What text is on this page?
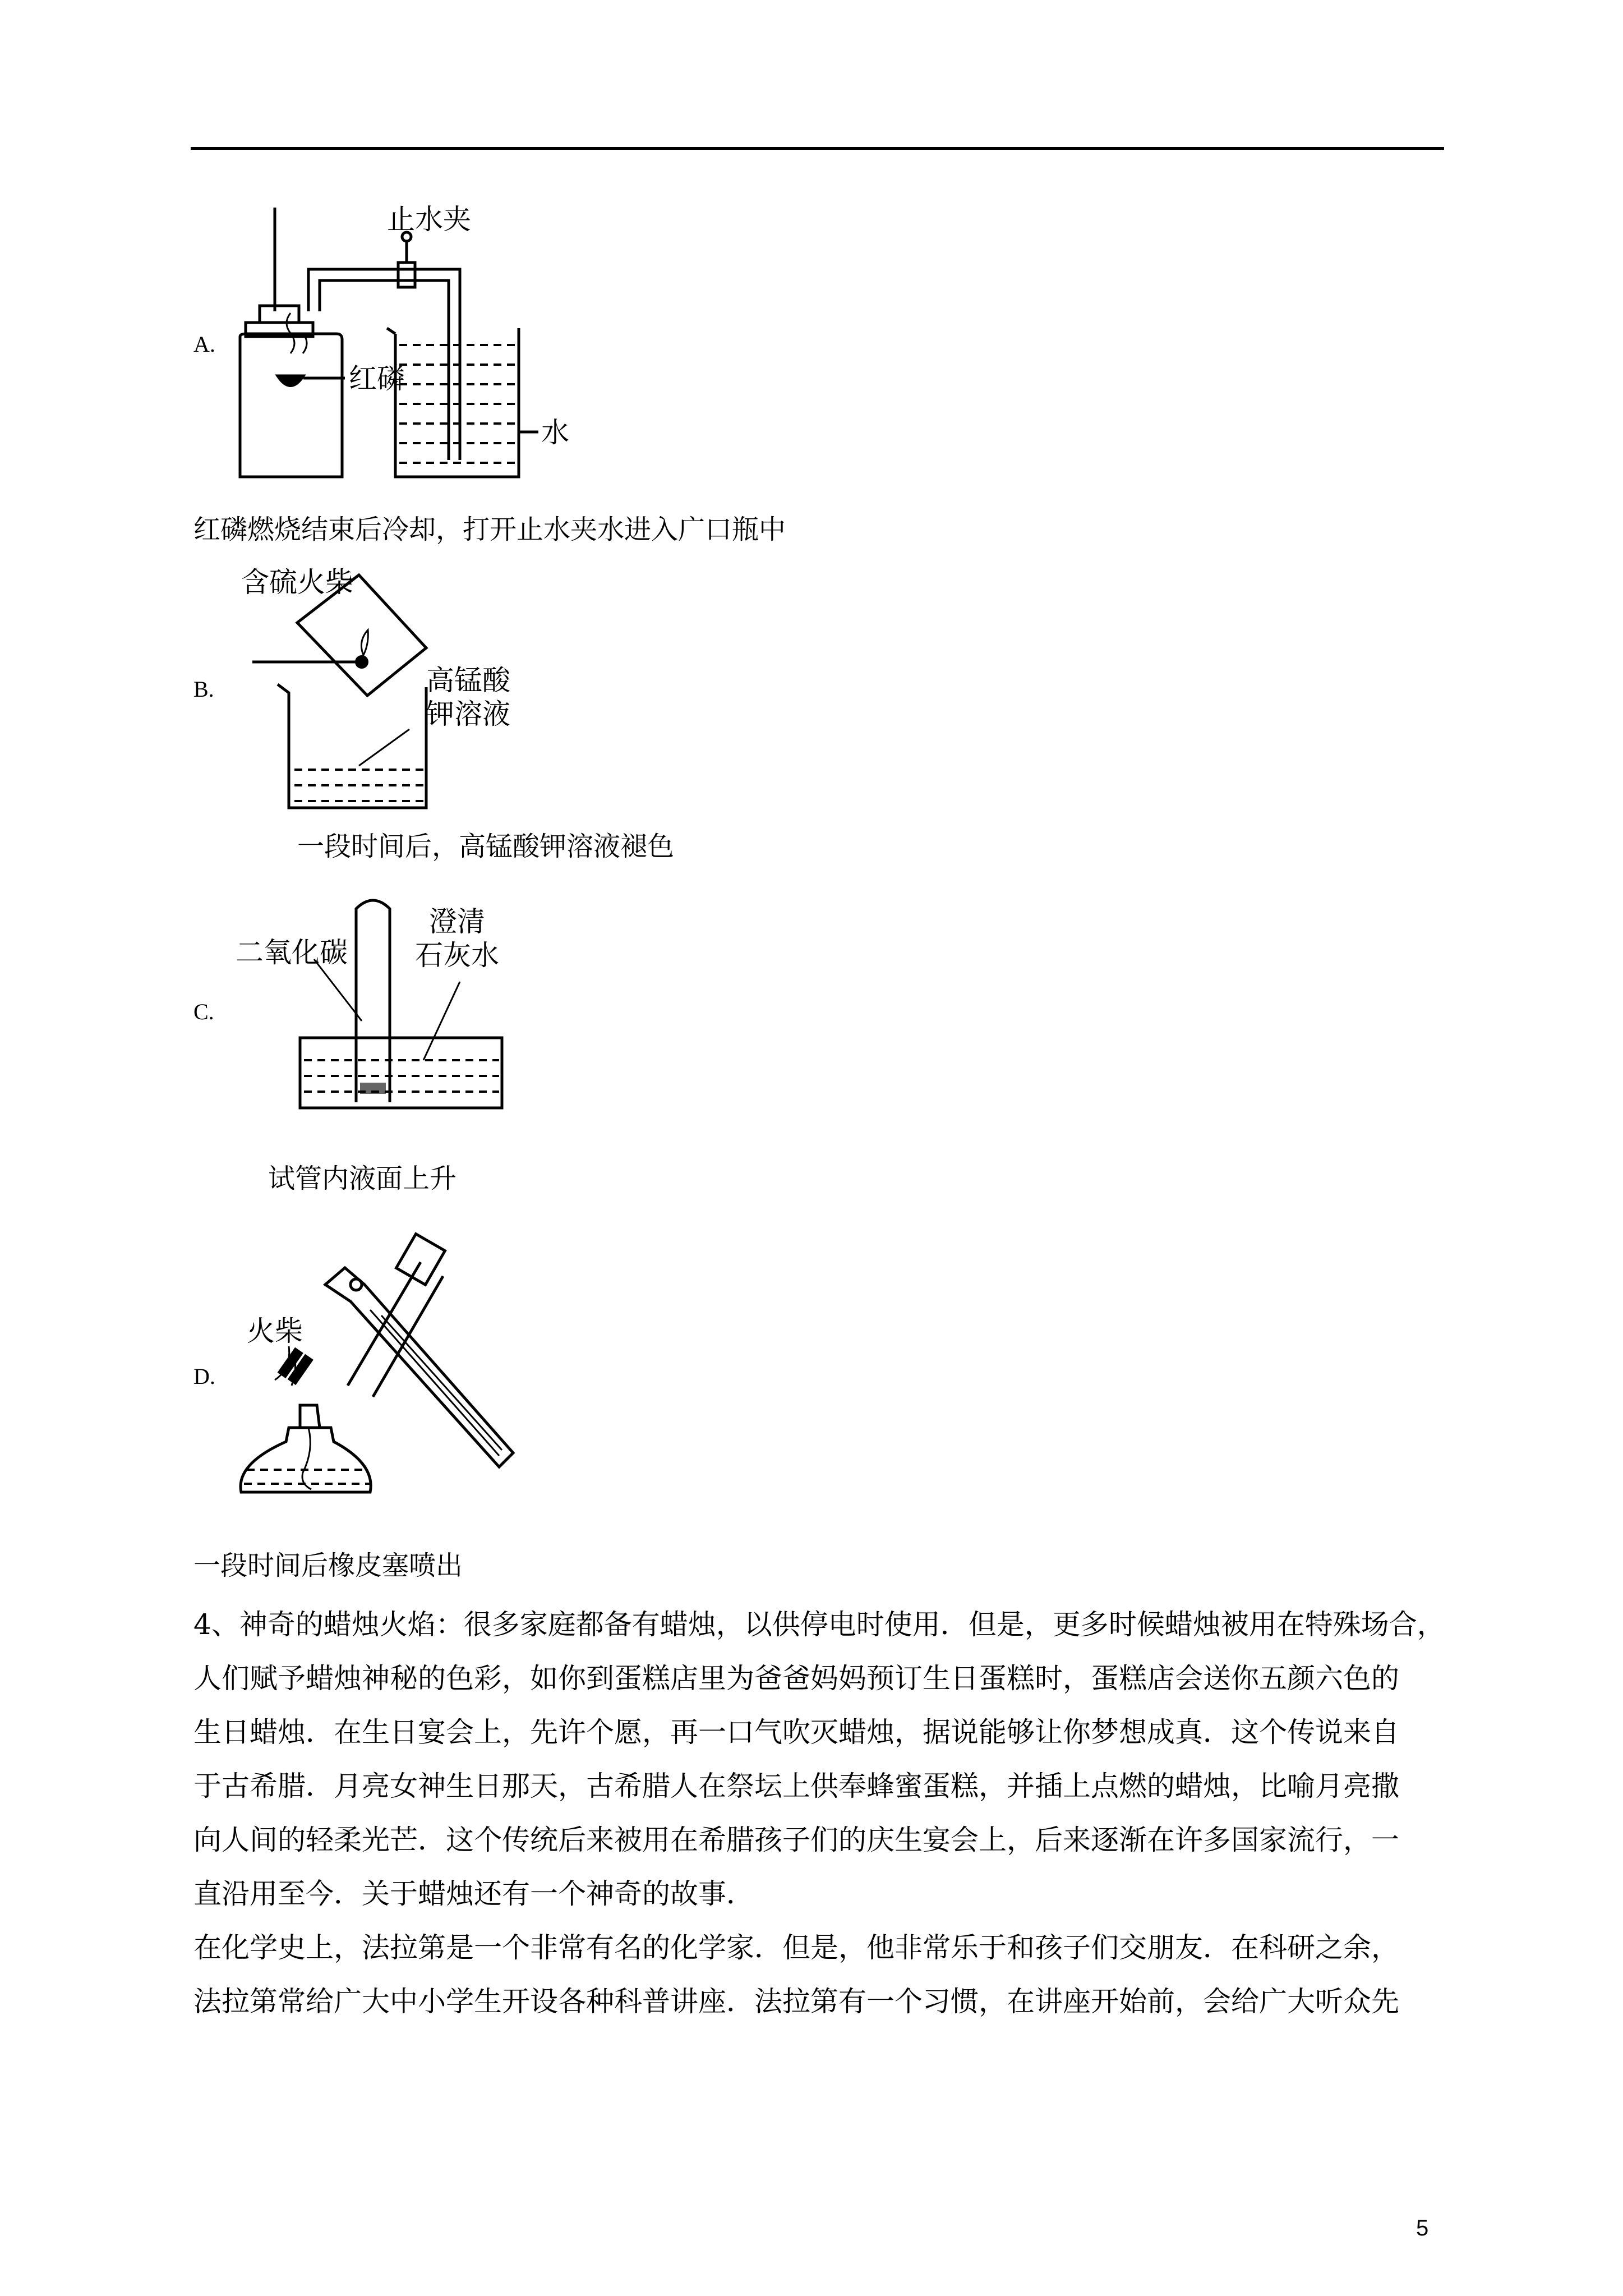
A.
止水夹
红磷
水
红磷燃烧结束后冷却，打开止水夹水进入广口瓶中
B.
含硫火柴
高锰酸
钾溶液
一段时间后，高锰酸钾溶液褪色
C.
二氧化碳
澄清
石灰水
试管内液面上升
D.
火柴
一段时间后橡皮塞喷出
4、神奇的蜡烛火焰：很多家庭都备有蜡烛，以供停电时使用．但是，更多时候蜡烛被用在特殊场合，
人们赋予蜡烛神秘的色彩，如你到蛋糕店里为爸爸妈妈预订生日蛋糕时，蛋糕店会送你五颜六色的
生日蜡烛．在生日宴会上，先许个愿，再一口气吹灭蜡烛，据说能够让你梦想成真．这个传说来自
于古希腊．月亮女神生日那天，古希腊人在祭坛上供奉蜂蜜蛋糕，并插上点燃的蜡烛，比喻月亮撒
向人间的轻柔光芒．这个传统后来被用在希腊孩子们的庆生宴会上，后来逐渐在许多国家流行，一
直沿用至今．关于蜡烛还有一个神奇的故事．
在化学史上，法拉第是一个非常有名的化学家．但是，他非常乐于和孩子们交朋友．在科研之余，
法拉第常给广大中小学生开设各种科普讲座．法拉第有一个习惯，在讲座开始前，会给广大听众先
5
